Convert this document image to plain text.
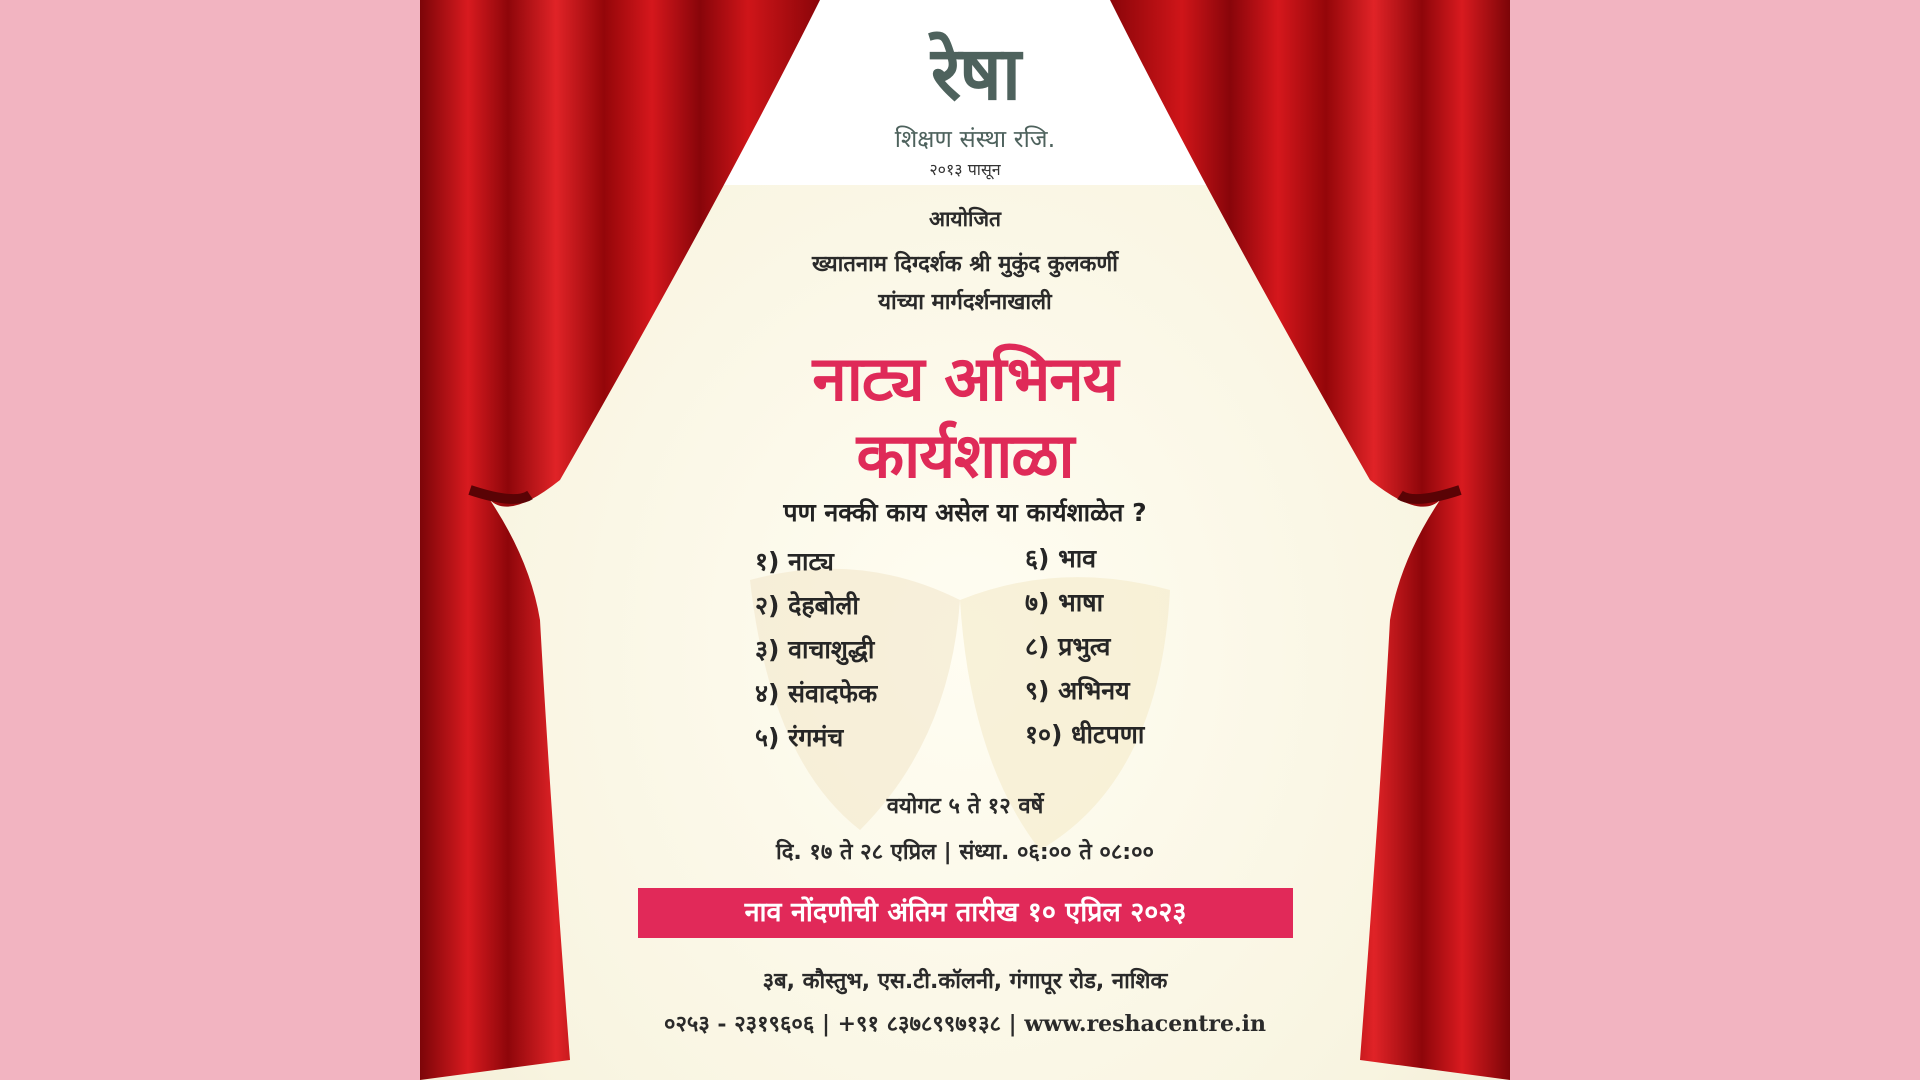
रेषा
शिक्षण संस्था रजि.
२०१३ पासून
आयोजित
ख्यातनाम दिग्दर्शक श्री मुकुंद कुलकर्णी
यांच्या मार्गदर्शनाखाली
नाट्य अभिनय
कार्यशाळा
पण नक्की काय असेल या कार्यशाळेत ?
१) नाट्य
२) देहबोली
३) वाचाशुद्धी
४) संवादफेक
५) रंगमंच
६) भाव
७) भाषा
८) प्रभुत्व
९) अभिनय
१०) धीटपणा
वयोगट ५ ते १२ वर्षे
दि. १७ ते २८ एप्रिल | संध्या. ०६:०० ते ०८:००
नाव नोंदणीची अंतिम तारीख १० एप्रिल २०२३
३ब, कौस्तुभ, एस.टी.कॉलनी, गंगापूर रोड, नाशिक
०२५३ - २३१९६०६ | +९१ ८३७८९९७१३८ | www.reshacentre.in
